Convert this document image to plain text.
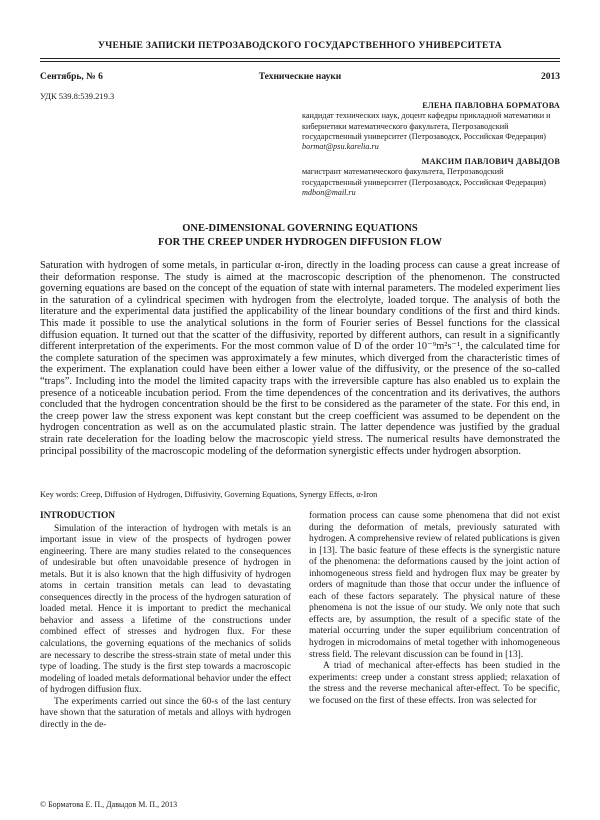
УЧЕНЫЕ ЗАПИСКИ ПЕТРОЗАВОДСКОГО ГОСУДАРСТВЕННОГО УНИВЕРСИТЕТА
Сентябрь, № 6	Технические науки	2013
УДК 539.8:539.219.3
ЕЛЕНА ПАВЛОВНА БОРМАТОВА
кандидат технических наук, доцент кафедры прикладной математики и кибернетики математического факультета, Петрозаводский государственный университет (Петрозаводск, Российская Федерация)
bormat@psu.karelia.ru
МАКСИМ ПАВЛОВИЧ ДАВЫДОВ
магистрант математического факультета, Петрозаводский государственный университет (Петрозаводск, Российская Федерация)
mdbon@mail.ru
ONE-DIMENSIONAL GOVERNING EQUATIONS
FOR THE CREEP UNDER HYDROGEN DIFFUSION FLOW
Saturation with hydrogen of some metals, in particular α-iron, directly in the loading process can cause a great increase of their deformation response. The study is aimed at the macroscopic description of the phenomenon. The constructed governing equations are based on the concept of the equation of state with internal parameters. The modeled experiment lies in the saturation of a cylindrical specimen with hydrogen from the electrolyte, loaded torque. The analysis of both the literature and the experimental data justified the applicability of the linear boundary conditions of the first and third kinds. This made it possible to use the analytical solutions in the form of Fourier series of Bessel functions for the classical diffusion equation. It turned out that the scatter of the diffusivity, reported by different authors, can result in a significantly different interpretation of the experiments. For the most common value of D of the order 10⁻⁹m²s⁻¹, the calculated time for the complete saturation of the specimen was approximately a few minutes, which diverged from the characteristic times of the experiment. The explanation could have been either a lower value of the diffusivity, or the presence of the so-called “traps”. Including into the model the limited capacity traps with the irreversible capture has also enabled us to explain the presence of a noticeable incubation period. From the time dependences of the concentration and its derivatives, the authors concluded that the hydrogen concentration should be the first to be considered as the parameter of the state. For this end, in the creep power law the stress exponent was kept constant but the creep coefficient was assumed to be dependent on the hydrogen concentration as well as on the accumulated plastic strain. The latter dependence was justified by the gradual strain rate deceleration for the loading below the macroscopic yield stress. The numerical results have demonstrated the principal possibility of the macroscopic modeling of the deformation synergistic effects under hydrogen absorption.
Key words: Creep, Diffusion of Hydrogen, Diffusivity, Governing Equations, Synergy Effects, α-Iron
INTRODUCTION

Simulation of the interaction of hydrogen with metals is an important issue in view of the prospects of hydrogen power engineering. There are many studies related to the consequences of undesirable but often unavoidable presence of hydrogen in metals. But it is also known that the high diffusivity of hydrogen atoms in certain transition metals can lead to devastating consequences directly in the process of the hydrogen saturation of loaded metal. Hence it is important to predict the mechanical behavior and assess a lifetime of the constructions under combined effect of stresses and hydrogen flux. For these calculations, the governing equations of the mechanics of solids are necessary to describe the stress-strain state of metal under this type of loading. The study is the first step towards a macroscopic modeling of loaded metals deformational behavior under the effect of hydrogen diffusion flux.

The experiments carried out since the 60-s of the last century have shown that the saturation of metals and alloys with hydrogen directly in the de-

formation process can cause some phenomena that did not exist during the deformation of metals, previously saturated with hydrogen. A comprehensive review of related publications is given in [13]. The basic feature of these effects is the synergistic nature of the phenomena: the deformations caused by the joint action of inhomogeneous stress field and hydrogen flux may be greater by orders of magnitude than those that occur under the influence of each of these factors separately. The physical nature of these phenomena is not the issue of our study. We only note that such effects are, by assumption, the result of a specific state of the material occurring under the super equilibrium concentration of hydrogen in microdomains of metal together with inhomogeneous stress field. The relevant discussion can be found in [13].

A triad of mechanical after-effects has been studied in the experiments: creep under a constant stress applied; relaxation of the stress and the reverse mechanical after-effect. To be specific, we focused on the first of these effects. Iron was selected for

© Борматова Е. П., Давыдов М. П., 2013
